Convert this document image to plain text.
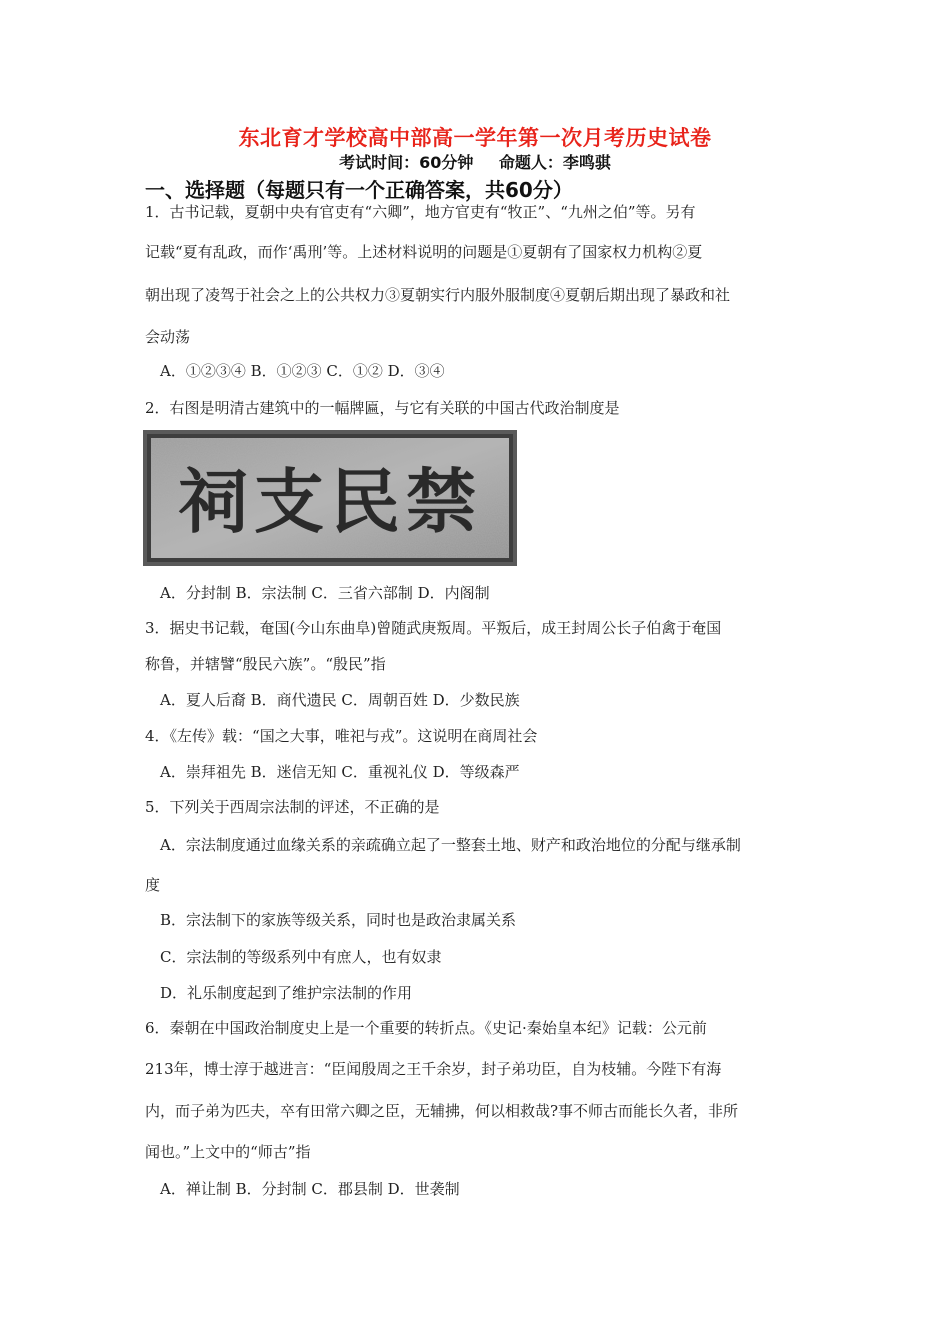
东北育才学校高中部高一学年第一次月考历史试卷
考试时间：60分钟 命题人：李鸣骐
一、选择题（每题只有一个正确答案，共60分）
1．古书记载，夏朝中央有官吏有“六卿”，地方官吏有“牧正”、“九州之伯”等。另有
记载“夏有乱政，而作‘禹刑’等。上述材料说明的问题是①夏朝有了国家权力机构②夏
朝出现了凌驾于社会之上的公共权力③夏朝实行内服外服制度④夏朝后期出现了暴政和社
会动荡
A．①②③④ B．①②③ C．①② D．③④
2．右图是明清古建筑中的一幅牌匾，与它有关联的中国古代政治制度是
禁民支祠
A．分封制 B．宗法制 C．三省六部制 D．内阁制
3．据史书记载，奄国(今山东曲阜)曾随武庚叛周。平叛后，成王封周公长子伯禽于奄国
称鲁，并辖譬“殷民六族”。“殷民”指
A．夏人后裔 B．商代遗民 C．周朝百姓 D．少数民族
4．《左传》载：“国之大事，唯祀与戎”。这说明在商周社会
A．崇拜祖先 B．迷信无知 C．重视礼仪 D．等级森严
5．下列关于西周宗法制的评述，不正确的是
A．宗法制度通过血缘关系的亲疏确立起了一整套土地、财产和政治地位的分配与继承制
度
B．宗法制下的家族等级关系，同时也是政治隶属关系
C．宗法制的等级系列中有庶人，也有奴隶
D．礼乐制度起到了维护宗法制的作用
6．秦朝在中国政治制度史上是一个重要的转折点。《史记·秦始皇本纪》记载：公元前
213年，博士淳于越进言：“臣闻殷周之王千余岁，封子弟功臣，自为枝辅。今陛下有海
内，而子弟为匹夫，卒有田常六卿之臣，无辅拂，何以相救哉?事不师古而能长久者，非所
闻也。”上文中的“师古”指
A．禅让制 B．分封制 C．郡县制 D．世袭制
